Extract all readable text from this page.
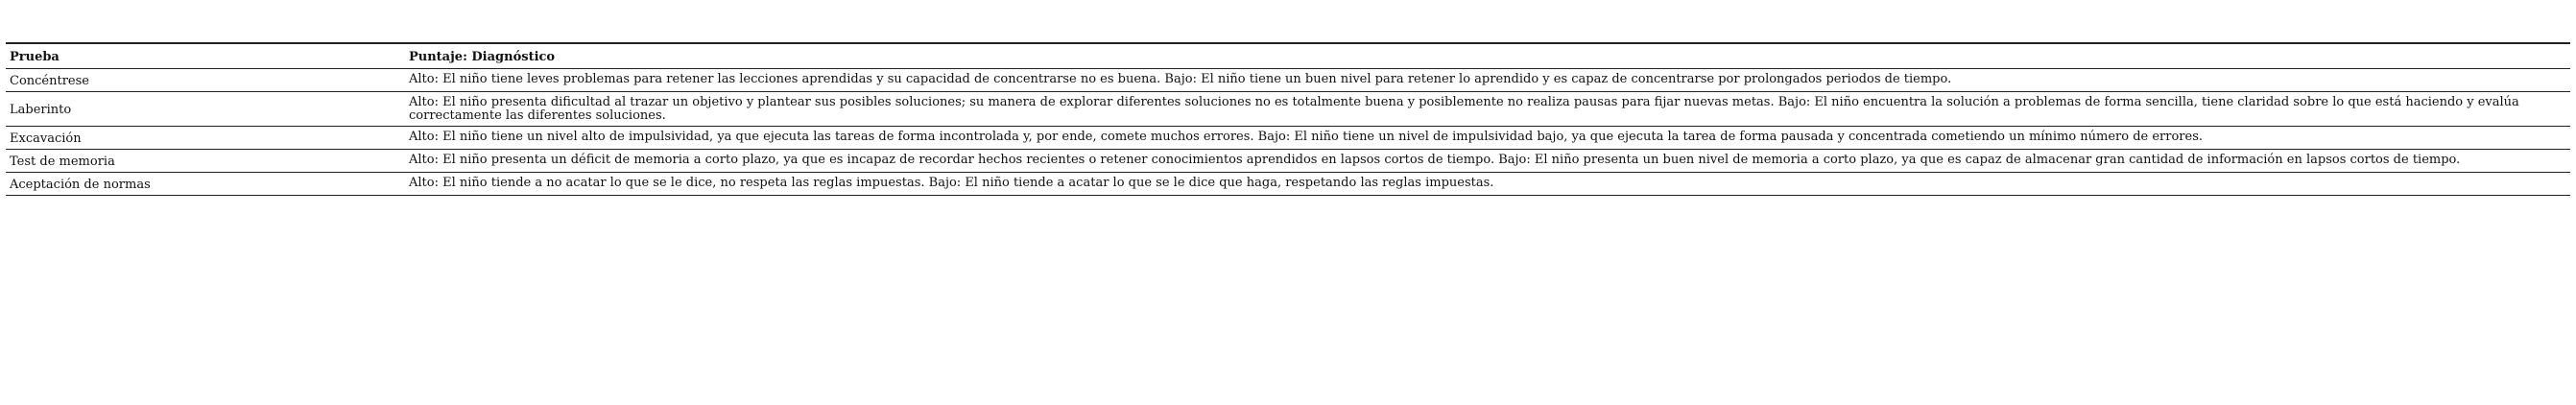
Prueba	Puntaje: Diagnóstico
Concéntrese	Alto: El niño tiene leves problemas para retener las lecciones aprendidas y su capacidad de concentrarse no es buena. Bajo: El niño tiene un buen nivel para retener lo aprendido y es capaz de concentrarse por prolongados periodos de tiempo.
Laberinto	Alto: El niño presenta dificultad al trazar un objetivo y plantear sus posibles soluciones; su manera de explorar diferentes soluciones no es totalmente buena y posiblemente no realiza pausas para fijar nuevas metas. Bajo: El niño encuentra la solución a problemas de forma sencilla, tiene claridad sobre lo que está haciendo y evalúa correctamente las diferentes soluciones.
Excavación	Alto: El niño tiene un nivel alto de impulsividad, ya que ejecuta las tareas de forma incontrolada y, por ende, comete muchos errores. Bajo: El niño tiene un nivel de impulsividad bajo, ya que ejecuta la tarea de forma pausada y concentrada cometiendo un mínimo número de errores.
Test de memoria	Alto: El niño presenta un déficit de memoria a corto plazo, ya que es incapaz de recordar hechos recientes o retener conocimientos aprendidos en lapsos cortos de tiempo. Bajo: El niño presenta un buen nivel de memoria a corto plazo, ya que es capaz de almacenar gran cantidad de información en lapsos cortos de tiempo.
Aceptación de normas	Alto: El niño tiende a no acatar lo que se le dice, no respeta las reglas impuestas. Bajo: El niño tiende a acatar lo que se le dice que haga, respetando las reglas impuestas.
